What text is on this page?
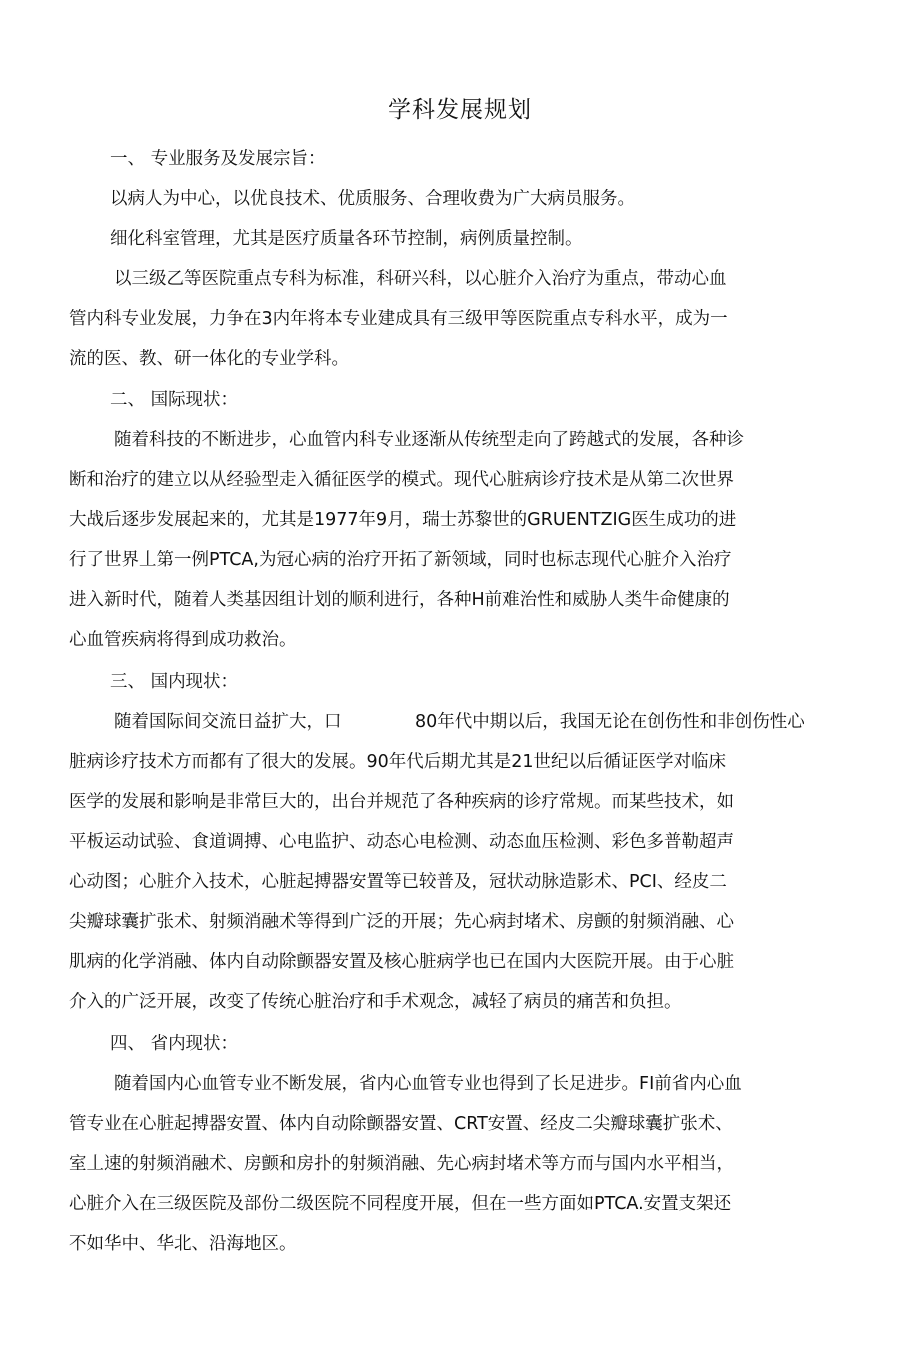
学科发展规划
一、 专业服务及发展宗旨：
以病人为中心，以优良技术、优质服务、合理收费为广大病员服务。
细化科室管理，尤其是医疗质量各环节控制，病例质量控制。
以三级乙等医院重点专科为标准，科研兴科，以心脏介入治疗为重点，带动心血
管内科专业发展，力争在3内年将本专业建成具有三级甲等医院重点专科水平，成为一
流的医、教、研一体化的专业学科。
二、 国际现状：
随着科技的不断进步，心血管内科专业逐渐从传统型走向了跨越式的发展，各种诊
断和治疗的建立以从经验型走入循征医学的模式。现代心脏病诊疗技术是从第二次世界
大战后逐步发展起来的，尤其是1977年9月，瑞士苏黎世的GRUENTZIG医生成功的进
行了世界丄第一例PTCA,为冠心病的治疗开拓了新领域，同时也标志现代心脏介入治疗
进入新时代，随着人类基因组计划的顺利进行，各种H前难治性和威胁人类牛命健康的
心血管疾病将得到成功救治。
三、 国内现状：
随着国际间交流日益扩大，口	80年代中期以后，我国无论在创伤性和非创伤性心
脏病诊疗技术方而都有了很大的发展。90年代后期尤其是21世纪以后循证医学对临床
医学的发展和影响是非常巨大的，出台并规范了各种疾病的诊疗常规。而某些技术，如
平板运动试验、食道调搏、心电监护、动态心电检测、动态血压检测、彩色多普勒超声
心动图；心脏介入技术，心脏起搏器安置等已较普及，冠状动脉造影术、PCI、经皮二
尖瓣球囊扩张术、射频消融术等得到广泛的开展；先心病封堵术、房颤的射频消融、心
肌病的化学消融、体内自动除颤器安置及核心脏病学也已在国内大医院开展。由于心脏
介入的广泛开展，改变了传统心脏治疗和手术观念，减轻了病员的痛苦和负担。
四、 省内现状：
随着国内心血管专业不断发展，省内心血管专业也得到了长足进步。FI前省内心血
管专业在心脏起搏器安置、体内自动除颤器安置、CRT安置、经皮二尖瓣球囊扩张术、
室丄速的射频消融术、房颤和房扑的射频消融、先心病封堵术等方而与国内水平相当，
心脏介入在三级医院及部份二级医院不同程度开展，但在一些方面如PTCA.安置支架还
不如华中、华北、沿海地区。
